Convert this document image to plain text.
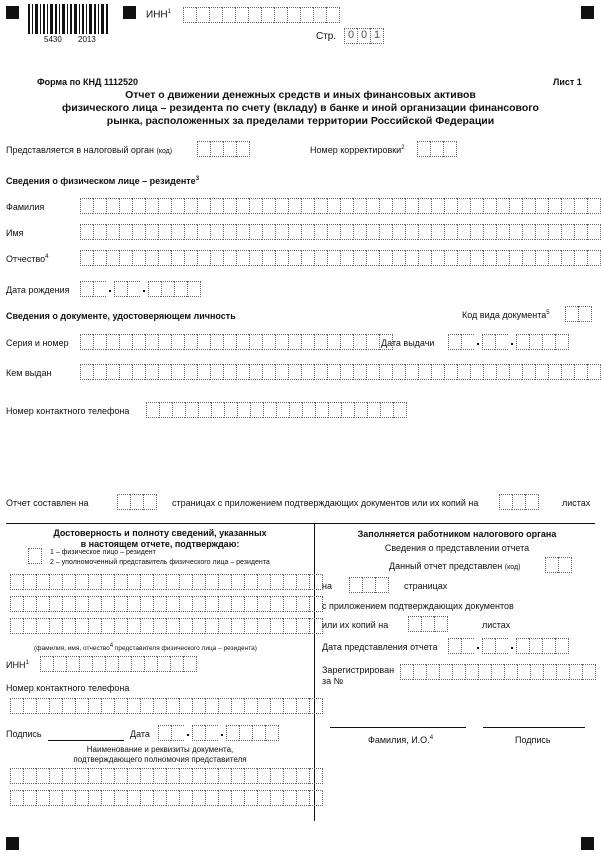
5430 2013
ИНН$^1$
Стр.	0 0 1
Форма по КНД 1112520	Лист 1
Отчет о движении денежных средств и иных финансовых активов
физического лица – резидента по счету (вкладу) в банке и иной организации финансового
рынка, расположенных за пределами территории Российской Федерации
Представляется в налоговый орган (код)	Номер корректировки$^2$
Сведения о физическом лице – резиденте$^3$
Фамилия
Имя
Отчество$^4$
Дата рождения
Сведения о документе, удостоверяющем личность	Код вида документа$^5$
Серия и номер	Дата выдачи
Кем выдан
Номер контактного телефона
Отчет составлен на	страницах с приложением подтверждающих документов или их копий на	листах
Достоверность и полноту сведений, указанных
в настоящем отчете, подтверждаю:
1 – физическое лицо – резидент
2 – уполномоченный представитель физического лица – резидента
(фамилия, имя, отчество4 представителя физического лица – резидента)
ИНН$^1$
Номер контактного телефона
Подпись	Дата
Наименование и реквизиты документа,
подтверждающего полномочия представителя
Заполняется работником налогового органа
Сведения о представлении отчета
Данный отчет представлен (код)
на	страницах
с приложением подтверждающих документов
или их копий на	листах
Дата представления отчета
Зарегистрирован
за №
Фамилия, И.О.$^4$	Подпись
